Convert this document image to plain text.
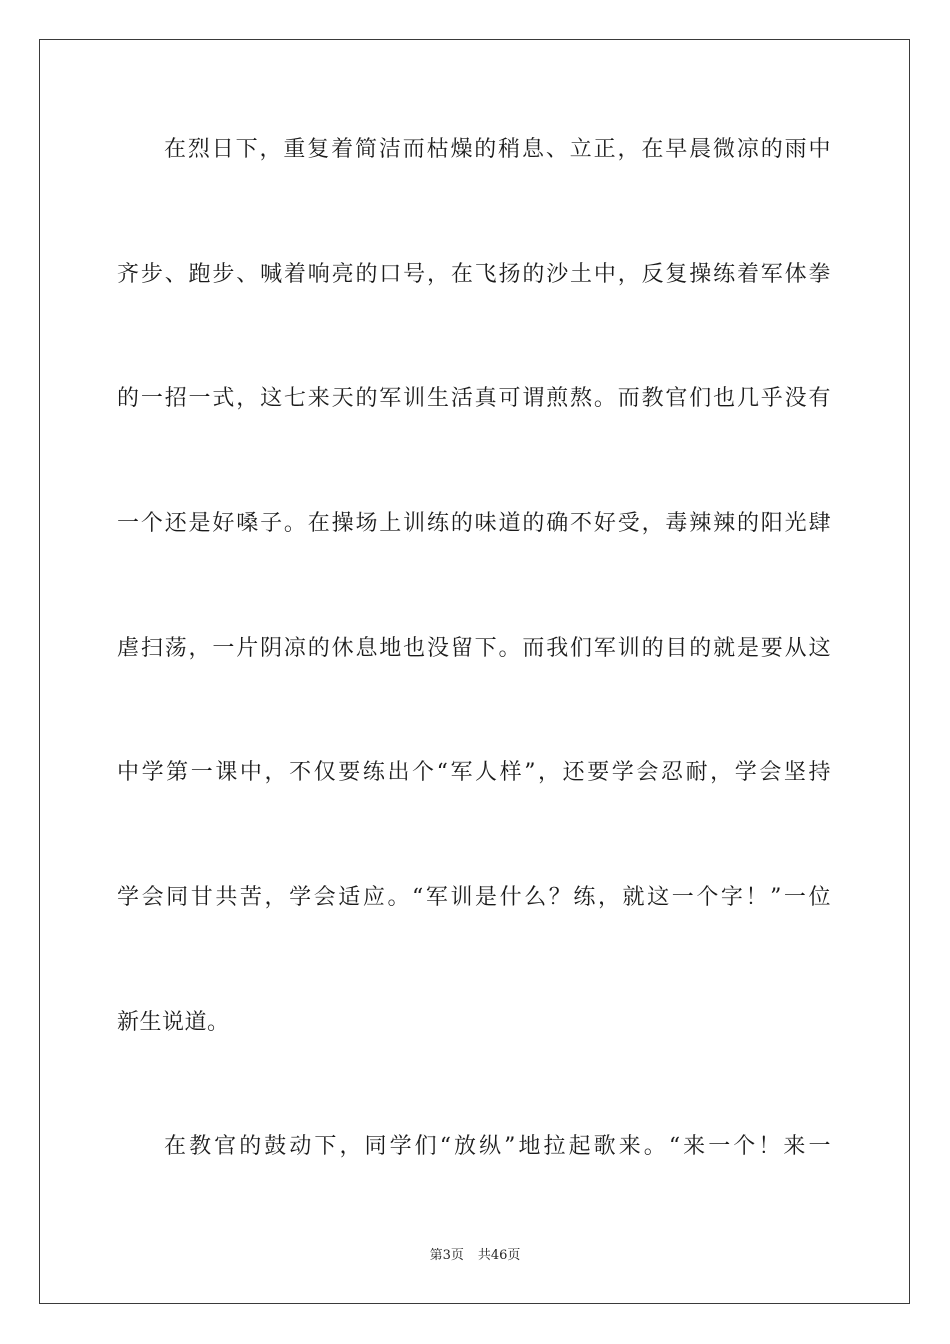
在烈日下，重复着简洁而枯燥的稍息、立正，在早晨微凉的雨中
齐步、跑步、喊着响亮的口号，在飞扬的沙土中，反复操练着军体拳
的一招一式，这七来天的军训生活真可谓煎熬。而教官们也几乎没有
一个还是好嗓子。在操场上训练的味道的确不好受，毒辣辣的阳光肆
虐扫荡，一片阴凉的休息地也没留下。而我们军训的目的就是要从这
中学第一课中，不仅要练出个“军人样”，还要学会忍耐，学会坚持
学会同甘共苦，学会适应。“军训是什么？练，就这一个字！”一位
新生说道。
在教官的鼓动下，同学们“放纵”地拉起歌来。“来一个！来一
第3页 共46页
